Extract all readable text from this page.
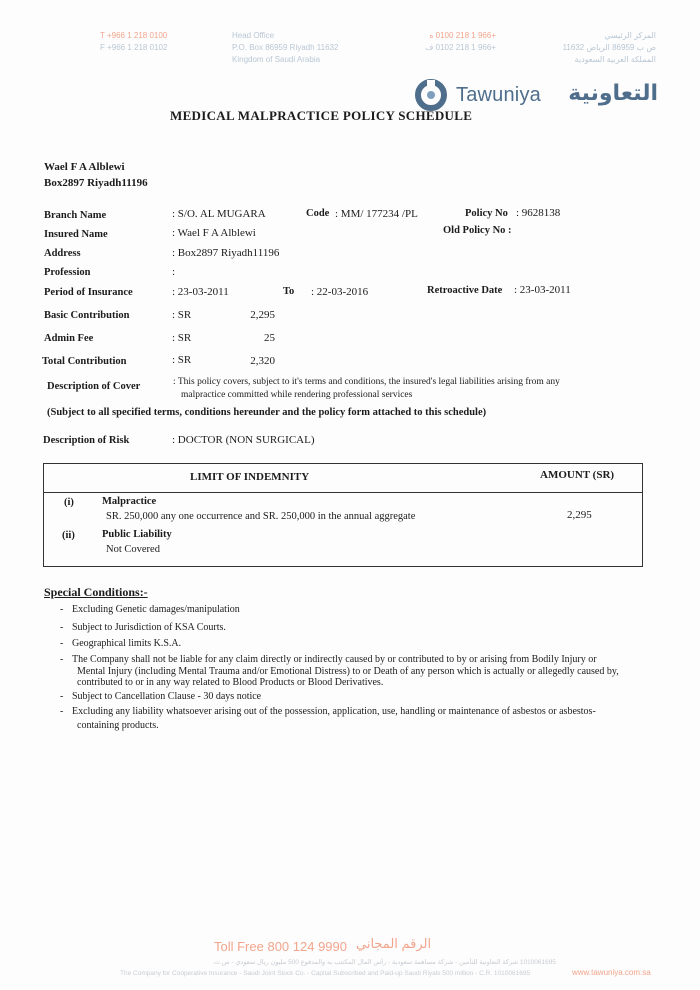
T +966 1 218 0100
F +966 1 218 0102
Head Office
P.O. Box 86959 Riyadh 11632
Kingdom of Saudi Arabia
+966 1 218 0100 ه
+966 1 218 0102 ف
المركز الرئيسي
ص ب 86959 الرياض 11632
المملكة العربية السعودية
Tawuniya	التعاونية
MEDICAL MALPRACTICE POLICY SCHEDULE
Wael F A Alblewi
Box2897 Riyadh11196
Branch Name	: S/O. AL MUGARA	Code : MM/ 177234 /PL	Policy No : 9628138
Insured Name	: Wael F A Alblewi	Old Policy No :
Address	: Box2897 Riyadh11196
Profession	:
Period of Insurance	: 23-03-2011	To : 22-03-2016	Retroactive Date : 23-03-2011
Basic Contribution	: SR	2,295
Admin Fee	: SR	25
Total Contribution	: SR	2,320
Description of Cover	: This policy covers, subject to it's terms and conditions, the insured's legal liabilities arising from any
malpractice committed while rendering professional services
(Subject to all specified terms, conditions hereunder and the policy form attached to this schedule)
Description of Risk	: DOCTOR (NON SURGICAL)
LIMIT OF INDEMNITY	AMOUNT (SR)
(i)	Malpractice
SR. 250,000 any one occurrence and SR. 250,000 in the annual aggregate	2,295
(ii)	Public Liability
Not Covered
Special Conditions:-
- Excluding Genetic damages/manipulation
- Subject to Jurisdiction of KSA Courts.
- Geographical limits K.S.A.
- The Company shall not be liable for any claim directly or indirectly caused by or contributed to by or arising from Bodily Injury or
Mental Injury (including Mental Trauma and/or Emotional Distress) to or Death of any person which is actually or allegedly caused by,
contributed to or in any way related to Blood Products or Blood Derivatives.
- Subject to Cancellation Clause - 30 days notice
- Excluding any liability whatsoever arising out of the possession, application, use, handling or maintenance of asbestos or asbestos-
containing products.
Toll Free 800 124 9990 الرقم المجاني
1010061695 شركة التعاونية للتأمين - شركة مساهمة سعودية - رأس المال المكتتب به والمدفوع 500 مليون ريال سعودي - س.ت
The Company for Cooperative Insurance - Saudi Joint Stock Co. - Capital Subscribed and Paid-up Saudi Riyals 500 million - C.R. 1010061695	www.tawuniya.com.sa
